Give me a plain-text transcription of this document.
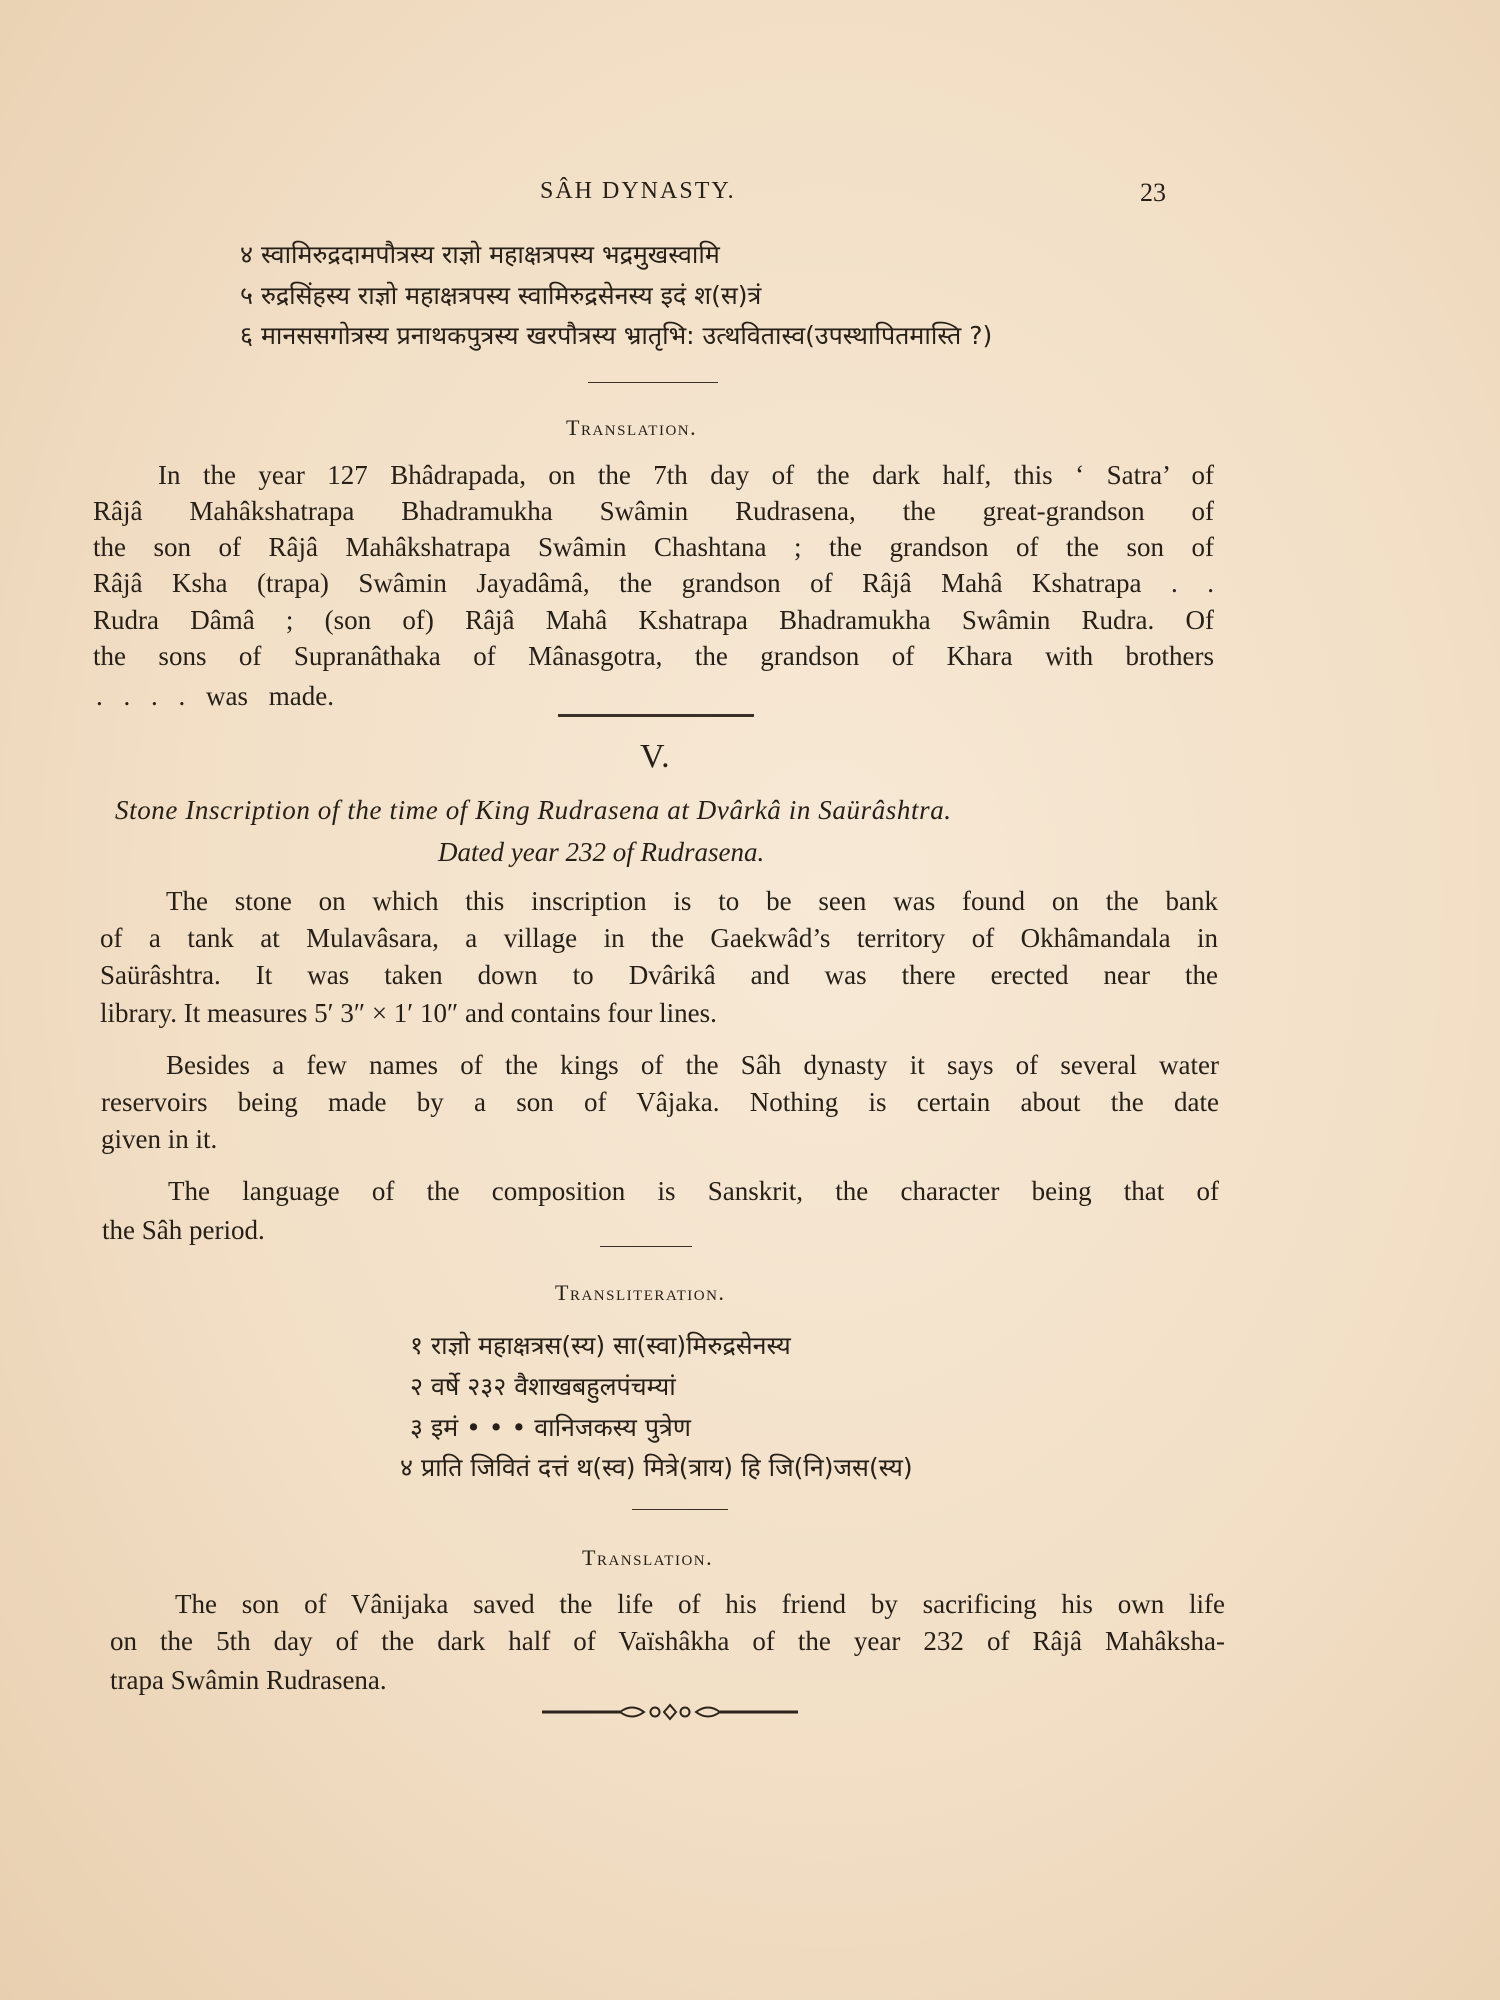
SÂH DYNASTY.	23
४ स्वामिरुद्रदामपौत्रस्य राज्ञो महाक्षत्रपस्य भद्रमुखस्वामि
५ रुद्रसिंहस्य राज्ञो महाक्षत्रपस्य स्वामिरुद्रसेनस्य इदं श(स)त्रं
६ मानससगोत्रस्य प्रनाथकपुत्रस्य खरपौत्रस्य भ्रातृभि: उत्थवितास्व(उपस्थापितमास्ति ?)
Translation.
In the year 127 Bhâdrapada, on the 7th day of the dark half, this ‘ Satra’ of
Râjâ Mahâkshatrapa Bhadramukha Swâmin Rudrasena, the great-grandson of
the son of Râjâ Mahâkshatrapa Swâmin Chashtana ; the grandson of the son of
Râjâ Ksha (trapa) Swâmin Jayadâmâ, the grandson of Râjâ Mahâ Kshatrapa . .
Rudra Dâmâ ; (son of) Râjâ Mahâ Kshatrapa Bhadramukha Swâmin Rudra. Of
the sons of Supranâthaka of Mânasgotra, the grandson of Khara with brothers
. . . . was made.
V.
Stone Inscription of the time of King Rudrasena at Dvârkâ in Saürâshtra.
Dated year 232 of Rudrasena.
The stone on which this inscription is to be seen was found on the bank
of a tank at Mulavâsara, a village in the Gaekwâd’s territory of Okhâmandala in
Saürâshtra. It was taken down to Dvârikâ and was there erected near the
library. It measures 5′ 3″ × 1′ 10″ and contains four lines.
Besides a few names of the kings of the Sâh dynasty it says of several water
reservoirs being made by a son of Vâjaka. Nothing is certain about the date
given in it.
The language of the composition is Sanskrit, the character being that of
the Sâh period.
Transliteration.
१ राज्ञो महाक्षत्रस(स्य) सा(स्वा)मिरुद्रसेनस्य
२ वर्षे २३२ वैशाखबहुलपंचम्यां
३ इमं • • • वानिजकस्य पुत्रेण
४ प्राति जिवितं दत्तं थ(स्व) मित्रे(त्राय) हि जि(नि)जस(स्य)
Translation.
The son of Vânijaka saved the life of his friend by sacrificing his own life
on the 5th day of the dark half of Vaïshâkha of the year 232 of Râjâ Mahâksha-
trapa Swâmin Rudrasena.
